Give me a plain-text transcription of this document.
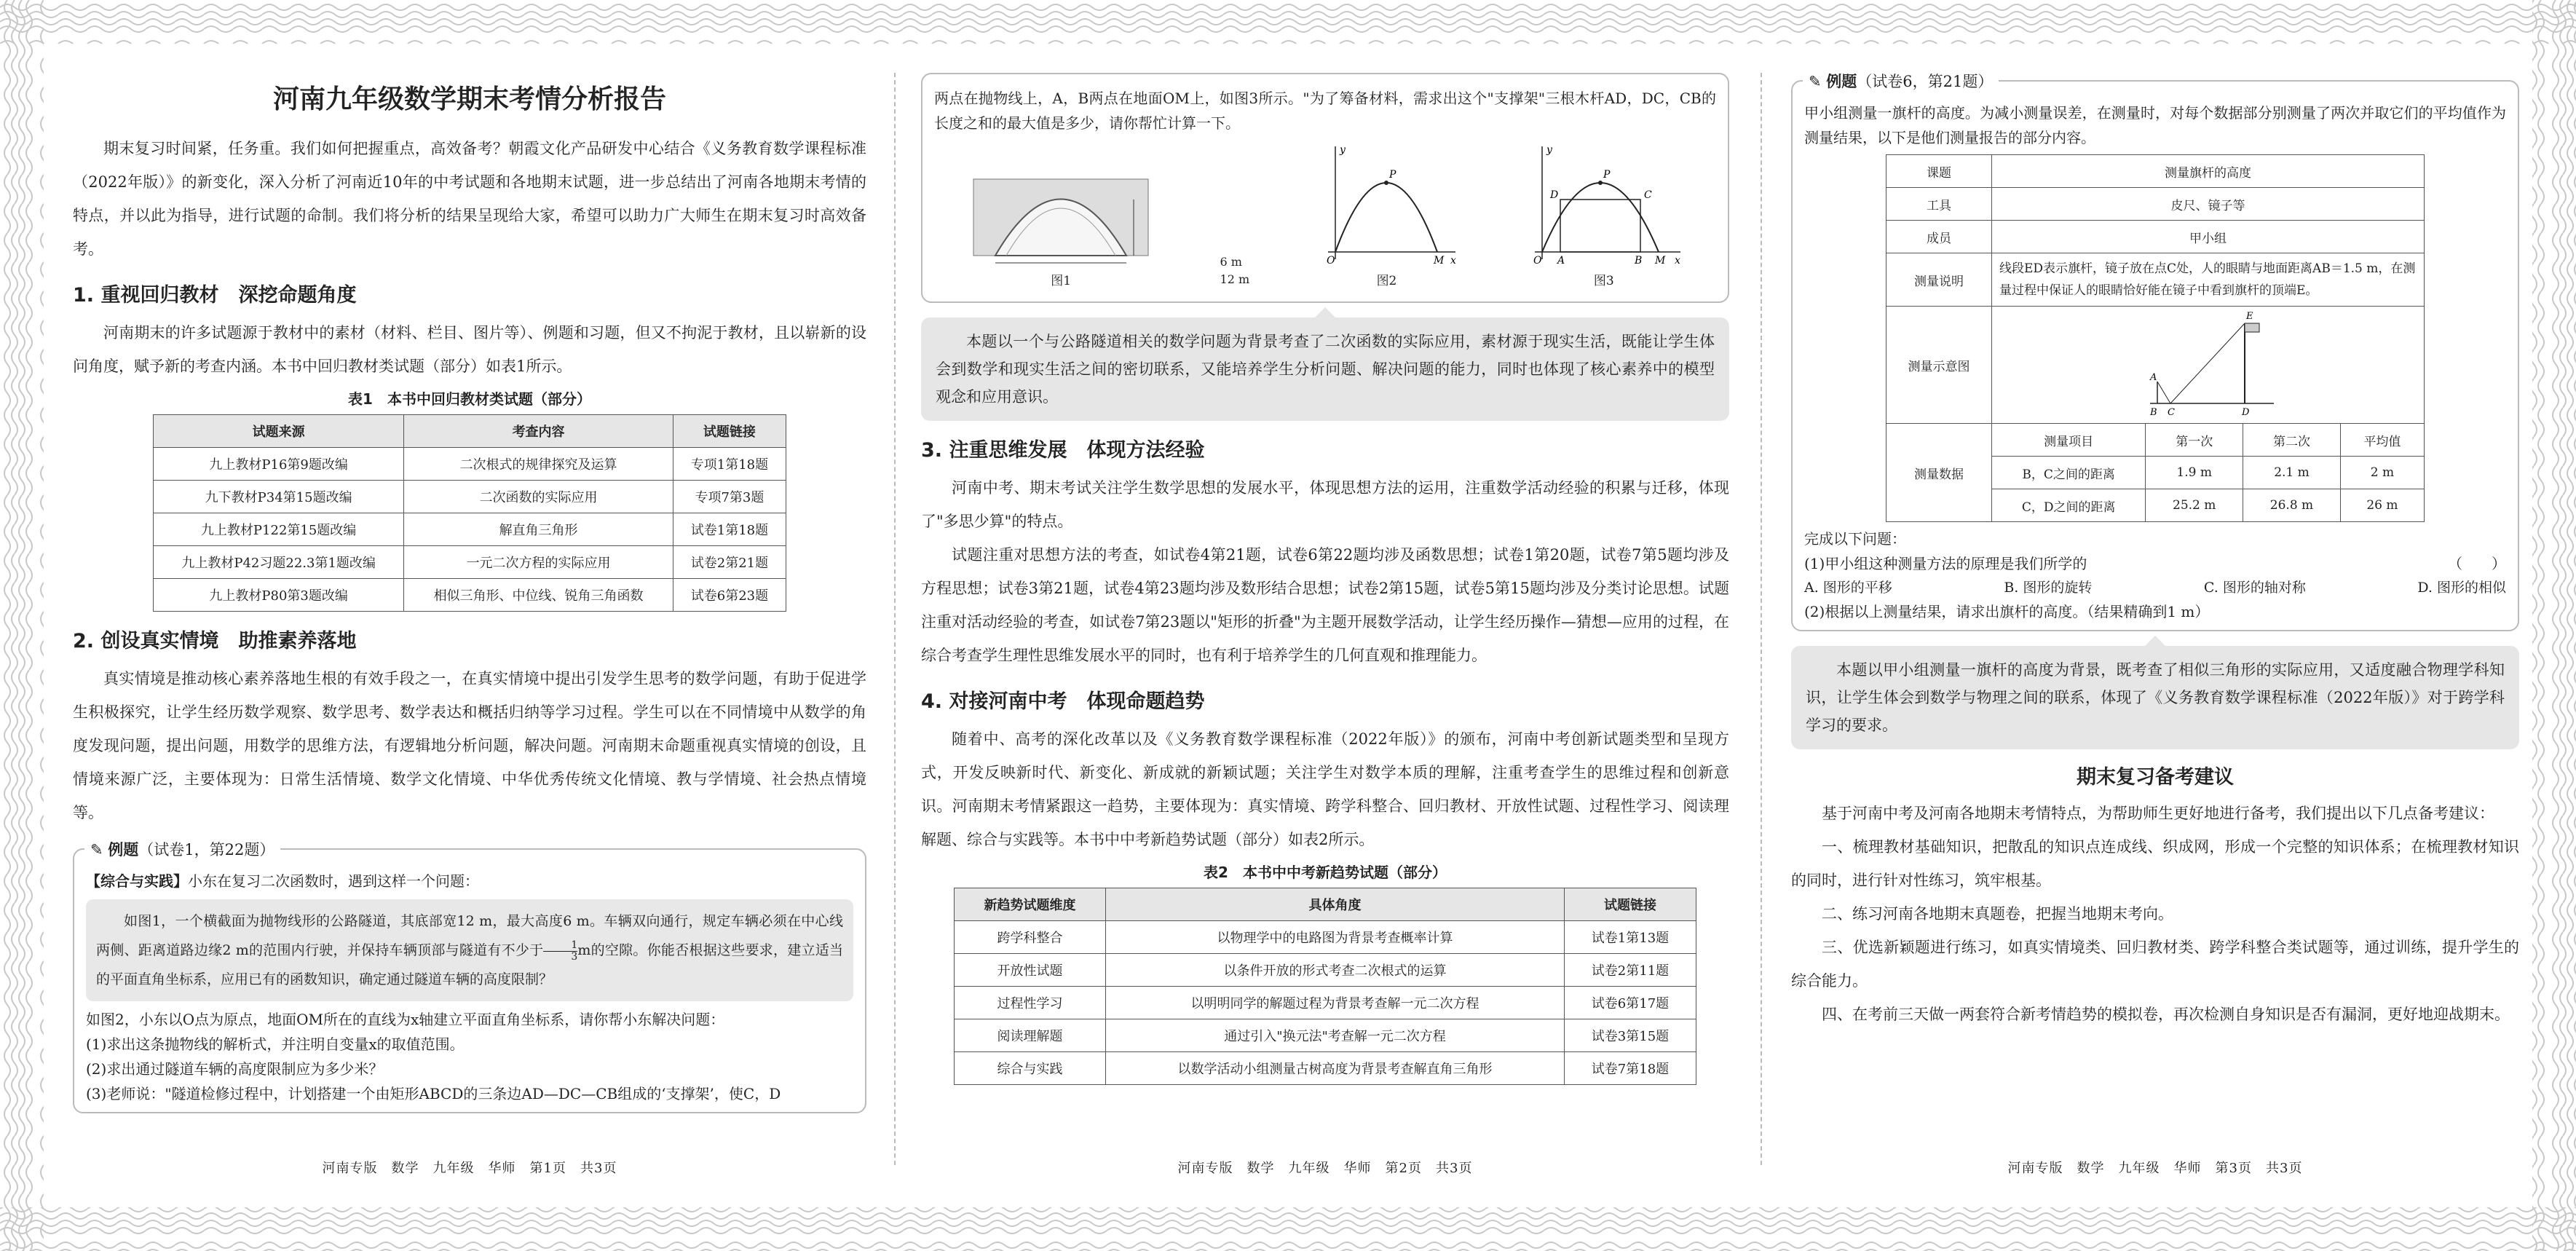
河南九年级数学期末考情分析报告

期末复习时间紧，任务重。我们如何把握重点，高效备考？朝霞文化产品研发中心结合《义务教育数学课程标准（2022年版）》的新变化，深入分析了河南近10年的中考试题和各地期末试题，进一步总结出了河南各地期末考情的特点，并以此为指导，进行试题的命制。我们将分析的结果呈现给大家，希望可以助力广大师生在期末复习时高效备考。

1. 重视回归教材　深挖命题角度

河南期末的许多试题源于教材中的素材（材料、栏目、图片等）、例题和习题，但又不拘泥于教材，且以崭新的设问角度，赋予新的考查内涵。本书中回归教材类试题（部分）如表1所示。

表1　本书中回归教材类试题（部分）
试题来源	考查内容	试题链接
九上教材P16第9题改编	二次根式的规律探究及运算	专项1第18题
九下教材P34第15题改编	二次函数的实际应用	专项7第3题
九上教材P122第15题改编	解直角三角形	试卷1第18题
九上教材P42习题22.3第1题改编	一元二次方程的实际应用	试卷2第21题
九上教材P80第3题改编	相似三角形、中位线、锐角三角函数	试卷6第23题
2. 创设真实情境　助推素养落地

真实情境是推动核心素养落地生根的有效手段之一，在真实情境中提出引发学生思考的数学问题，有助于促进学生积极探究，让学生经历数学观察、数学思考、数学表达和概括归纳等学习过程。学生可以在不同情境中从数学的角度发现问题，提出问题，用数学的思维方法，有逻辑地分析问题，解决问题。河南期末命题重视真实情境的创设，且情境来源广泛，主要体现为：日常生活情境、数学文化情境、中华优秀传统文化情境、教与学情境、社会热点情境等。

✎ 例题（试卷1，第22题）

【综合与实践】小东在复习二次函数时，遇到这样一个问题：

如图1，一个横截面为抛物线形的公路隧道，其底部宽12 m，最大高度6 m。车辆双向通行，规定车辆必须在中心线两侧、距离道路边缘2 m的范围内行驶，并保持车辆顶部与隧道有不少于 $\frac{1}{3}$ m的空隙。你能否根据这些要求，建立适当的平面直角坐标系，应用已有的函数知识，确定通过隧道车辆的高度限制？

如图2，小东以O点为原点，地面OM所在的直线为x轴建立平面直角坐标系，请你帮小东解决问题：

(1)求出这条抛物线的解析式，并注明自变量x的取值范围。

(2)求出通过隧道车辆的高度限制应为多少米？

(3)老师说："隧道检修过程中，计划搭建一个由矩形ABCD的三条边AD—DC—CB组成的‘支撑架’，使C，D

河南专版　数学　九年级　华师　第1页　共3页

两点在抛物线上，A，B两点在地面OM上，如图3所示。"为了筹备材料，需求出这个"支撑架"三根木杆AD，DC，CB的长度之和的最大值是多少，请你帮忙计算一下。

图1
6 m
12 m
P
O	M x
y
图2
P
D	C
A	B
O	M x
y
图3

本题以一个与公路隧道相关的数学问题为背景考查了二次函数的实际应用，素材源于现实生活，既能让学生体会到数学和现实生活之间的密切联系，又能培养学生分析问题、解决问题的能力，同时也体现了核心素养中的模型观念和应用意识。

3. 注重思维发展　体现方法经验

河南中考、期末考试关注学生数学思想的发展水平，体现思想方法的运用，注重数学活动经验的积累与迁移，体现了"多思少算"的特点。

试题注重对思想方法的考查，如试卷4第21题，试卷6第22题均涉及函数思想；试卷1第20题，试卷7第5题均涉及方程思想；试卷3第21题，试卷4第23题均涉及数形结合思想；试卷2第15题，试卷5第15题均涉及分类讨论思想。试题注重对活动经验的考查，如试卷7第23题以"矩形的折叠"为主题开展数学活动，让学生经历操作—猜想—应用的过程，在综合考查学生理性思维发展水平的同时，也有利于培养学生的几何直观和推理能力。

4. 对接河南中考　体现命题趋势

随着中、高考的深化改革以及《义务教育数学课程标准（2022年版）》的颁布，河南中考创新试题类型和呈现方式，开发反映新时代、新变化、新成就的新颖试题；关注学生对数学本质的理解，注重考查学生的思维过程和创新意识。河南期末考情紧跟这一趋势，主要体现为：真实情境、跨学科整合、回归教材、开放性试题、过程性学习、阅读理解题、综合与实践等。本书中中考新趋势试题（部分）如表2所示。

表2　本书中中考新趋势试题（部分）
新趋势试题维度	具体角度	试题链接
跨学科整合	以物理学中的电路图为背景考查概率计算	试卷1第13题
开放性试题	以条件开放的形式考查二次根式的运算	试卷2第11题
过程性学习	以明明同学的解题过程为背景考查解一元二次方程	试卷6第17题
阅读理解题	通过引入"换元法"考查解一元二次方程	试卷3第15题
综合与实践	以数学活动小组测量古树高度为背景考查解直角三角形	试卷7第18题
河南专版　数学　九年级　华师　第2页　共3页
✎ 例题（试卷6，第21题）

甲小组测量一旗杆的高度。为减小测量误差，在测量时，对每个数据部分别测量了两次并取它们的平均值作为测量结果，以下是他们测量报告的部分内容。

课题	测量旗杆的高度			
工具	皮尺、镜子等			
成员	甲小组			
测量说明	线段ED表示旗杆，镜子放在点C处，人的眼睛与地面距离AB＝1.5 m，在测量过程中保证人的眼睛恰好能在镜子中看到旗杆的顶端E。			
测量示意图	A
B C D
E			

测量数据	测量项目	第一次	第二次	平均值
	B，C之间的距离	1.9 m	2.1 m	2 m
	C，D之间的距离	25.2 m	26.8 m	26 m

完成以下问题：

(1)甲小组这种测量方法的原理是我们所学的	（　　）

A. 图形的平移	B. 图形的旋转	C. 图形的轴对称	D. 图形的相似

(2)根据以上测量结果，请求出旗杆的高度。（结果精确到1 m）

本题以甲小组测量一旗杆的高度为背景，既考查了相似三角形的实际应用，又适度融合物理学科知识，让学生体会到数学与物理之间的联系，体现了《义务教育数学课程标准（2022年版）》对于跨学科学习的要求。

期末复习备考建议

基于河南中考及河南各地期末考情特点，为帮助师生更好地进行备考，我们提出以下几点备考建议：

一、梳理教材基础知识，把散乱的知识点连成线、织成网，形成一个完整的知识体系；在梳理教材知识的同时，进行针对性练习，筑牢根基。

二、练习河南各地期末真题卷，把握当地期末考向。

三、优选新颖题进行练习，如真实情境类、回归教材类、跨学科整合类试题等，通过训练，提升学生的综合能力。

四、在考前三天做一两套符合新考情趋势的模拟卷，再次检测自身知识是否有漏洞，更好地迎战期末。

河南专版　数学　九年级　华师　第3页　共3页
